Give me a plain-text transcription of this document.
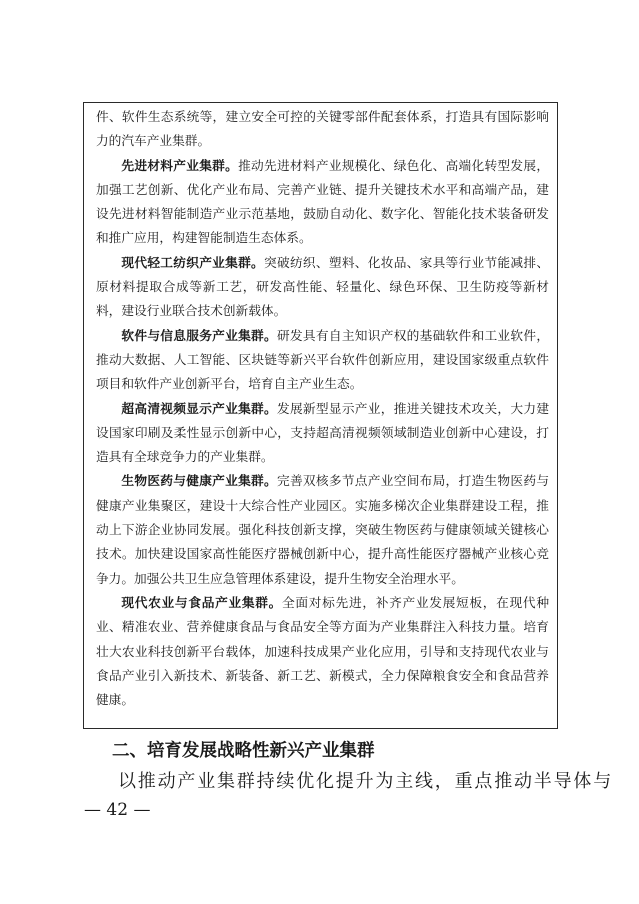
件、软件生态系统等，建立安全可控的关键零部件配套体系，打造具有国际影响力的汽车产业集群。

先进材料产业集群。推动先进材料产业规模化、绿色化、高端化转型发展，加强工艺创新、优化产业布局、完善产业链、提升关键技术水平和高端产品，建设先进材料智能制造产业示范基地，鼓励自动化、数字化、智能化技术装备研发和推广应用，构建智能制造生态体系。

现代轻工纺织产业集群。突破纺织、塑料、化妆品、家具等行业节能减排、原材料提取合成等新工艺，研发高性能、轻量化、绿色环保、卫生防疫等新材料，建设行业联合技术创新载体。

软件与信息服务产业集群。研发具有自主知识产权的基础软件和工业软件，推动大数据、人工智能、区块链等新兴平台软件创新应用，建设国家级重点软件项目和软件产业创新平台，培育自主产业生态。

超高清视频显示产业集群。发展新型显示产业，推进关键技术攻关，大力建设国家印刷及柔性显示创新中心，支持超高清视频领域制造业创新中心建设，打造具有全球竞争力的产业集群。

生物医药与健康产业集群。完善双核多节点产业空间布局，打造生物医药与健康产业集聚区，建设十大综合性产业园区。实施多梯次企业集群建设工程，推动上下游企业协同发展。强化科技创新支撑，突破生物医药与健康领域关键核心技术。加快建设国家高性能医疗器械创新中心，提升高性能医疗器械产业核心竞争力。加强公共卫生应急管理体系建设，提升生物安全治理水平。

现代农业与食品产业集群。全面对标先进，补齐产业发展短板，在现代种业、精准农业、营养健康食品与食品安全等方面为产业集群注入科技力量。培育壮大农业科技创新平台载体，加速科技成果产业化应用，引导和支持现代农业与食品产业引入新技术、新装备、新工艺、新模式，全力保障粮食安全和食品营养健康。

二、培育发展战略性新兴产业集群
以推动产业集群持续优化提升为主线，重点推动半导体与
— 42 —
